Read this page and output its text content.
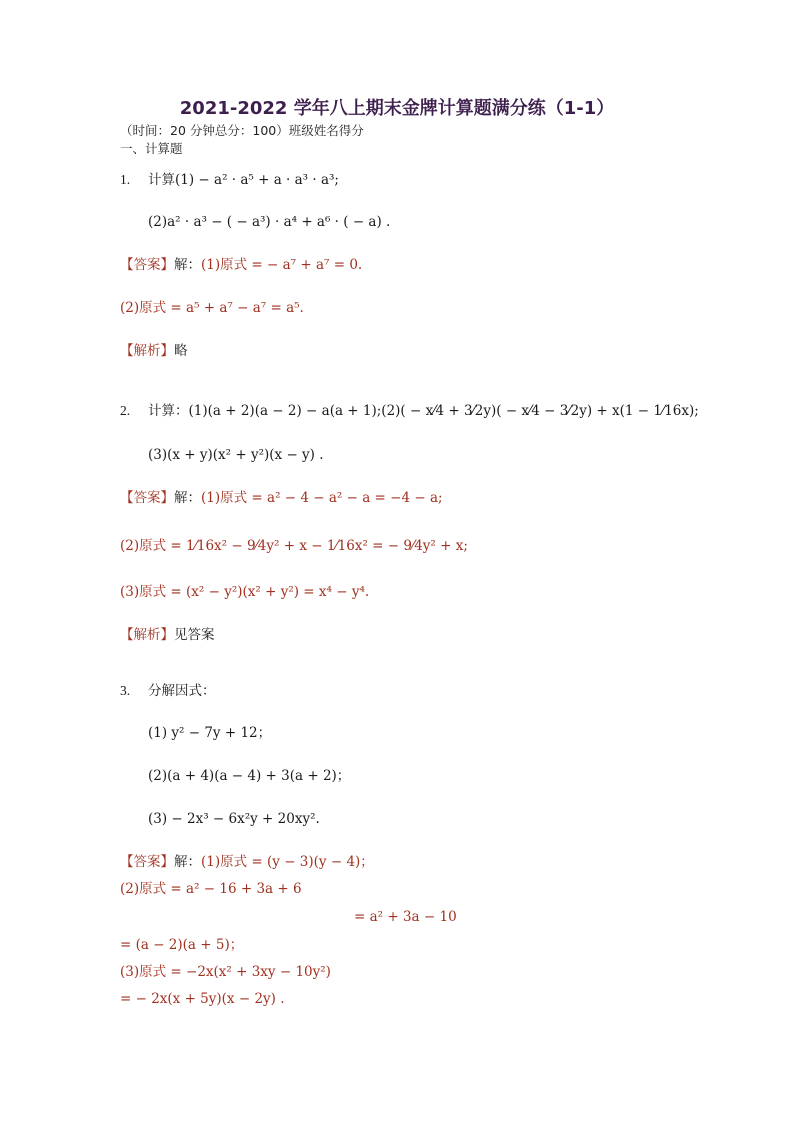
2021-2022 学年八上期末金牌计算题满分练（1-1）
（时间：20 分钟总分：100）班级姓名得分
一、计算题
1. 计算(1) − a² · a⁵ + a · a³ · a³;
(2)a² · a³ − ( − a³) · a⁴ + a⁶ · ( − a) .
【答案】解：(1)原式 = − a⁷ + a⁷ = 0.
(2)原式 = a⁵ + a⁷ − a⁷ = a⁵.
【解析】略
2. 计算：(1)(a + 2)(a − 2) − a(a + 1);(2)( − x⁄4 + 3⁄2y)( − x⁄4 − 3⁄2y) + x(1 − 1⁄16x);
(3)(x + y)(x² + y²)(x − y) .
【答案】解：(1)原式 = a² − 4 − a² − a = −4 − a;
(2)原式 = 1⁄16x² − 9⁄4y² + x − 1⁄16x² = − 9⁄4y² + x;
(3)原式 = (x² − y²)(x² + y²) = x⁴ − y⁴.
【解析】见答案
3. 分解因式：
(1) y² − 7y + 12；
(2)(a + 4)(a − 4) + 3(a + 2)；
(3) − 2x³ − 6x²y + 20xy².
【答案】解：(1)原式 = (y − 3)(y − 4)；
(2)原式 = a² − 16 + 3a + 6
= a² + 3a − 10
= (a − 2)(a + 5)；
(3)原式 = −2x(x² + 3xy − 10y²)
= − 2x(x + 5y)(x − 2y) .
